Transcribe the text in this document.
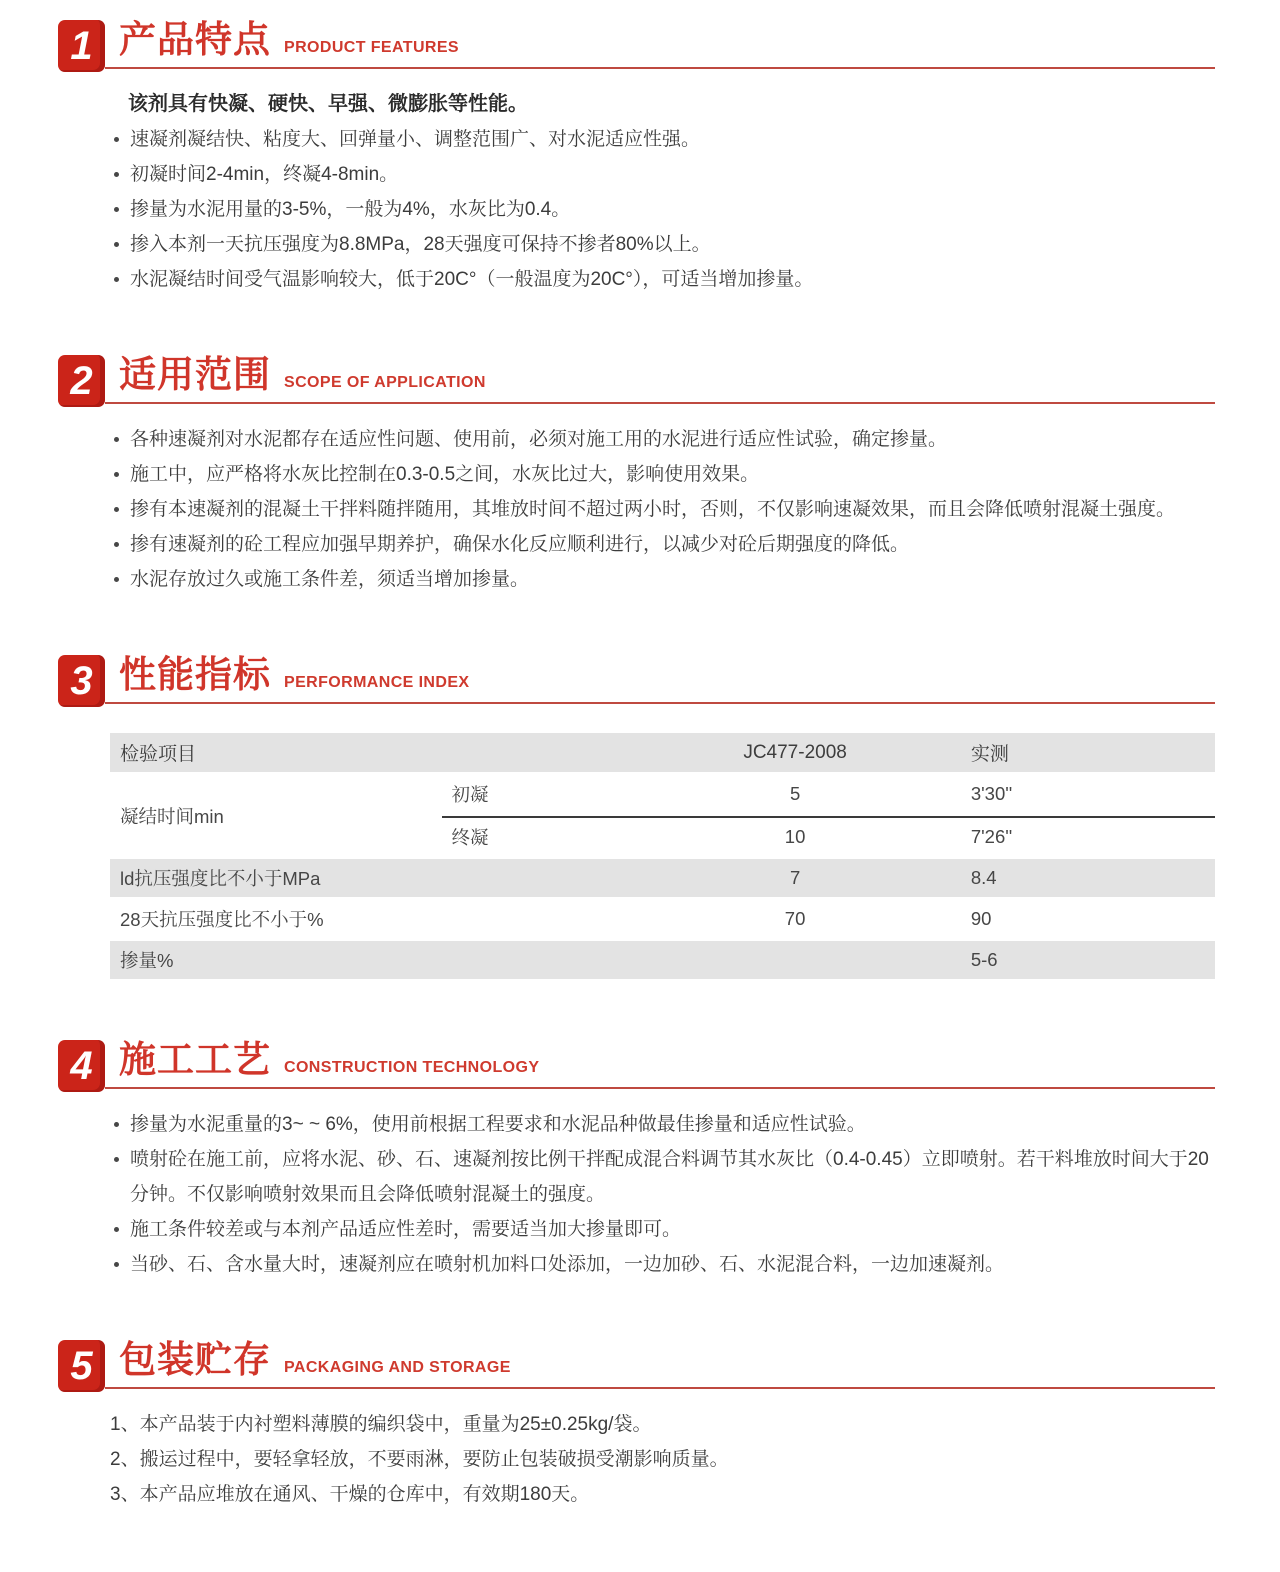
1 产品特点 PRODUCT FEATURES

该剂具有快凝、硬快、早强、微膨胀等性能。

速凝剂凝结快、粘度大、回弹量小、调整范围广、对水泥适应性强。
初凝时间2-4min，终凝4-8min。
掺量为水泥用量的3-5%，一般为4%，水灰比为0.4。
掺入本剂一天抗压强度为8.8MPa，28天强度可保持不掺者80%以上。
水泥凝结时间受气温影响较大，低于20C°（一般温度为20C°），可适当增加掺量。
2 适用范围 SCOPE OF APPLICATION
各种速凝剂对水泥都存在适应性问题、使用前，必须对施工用的水泥进行适应性试验，确定掺量。
施工中，应严格将水灰比控制在0.3-0.5之间，水灰比过大，影响使用效果。
掺有本速凝剂的混凝土干拌料随拌随用，其堆放时间不超过两小时，否则，不仅影响速凝效果，而且会降低喷射混凝土强度。
掺有速凝剂的砼工程应加强早期养护，确保水化反应顺利进行，以减少对砼后期强度的降低。
水泥存放过久或施工条件差，须适当增加掺量。
3 性能指标 PERFORMANCE INDEX
检验项目		JC477-2008	实测
凝结时间min	初凝	5	3'30''
	终凝	10	7'26''
ld抗压强度比不小于MPa		7	8.4
28天抗压强度比不小于%		70	90
掺量%			5-6
4 施工工艺 CONSTRUCTION TECHNOLOGY
掺量为水泥重量的3~ ~ 6%，使用前根据工程要求和水泥品种做最佳掺量和适应性试验。
喷射砼在施工前，应将水泥、砂、石、速凝剂按比例干拌配成混合料调节其水灰比（0.4-0.45）立即喷射。若干料堆放时间大于20分钟。不仅影响喷射效果而且会降低喷射混凝土的强度。
施工条件较差或与本剂产品适应性差时，需要适当加大掺量即可。
当砂、石、含水量大时，速凝剂应在喷射机加料口处添加，一边加砂、石、水泥混合料，一边加速凝剂。
5 包装贮存 PACKAGING AND STORAGE
1、本产品装于内衬塑料薄膜的编织袋中，重量为25±0.25kg/袋。
2、搬运过程中，要轻拿轻放，不要雨淋，要防止包装破损受潮影响质量。
3、本产品应堆放在通风、干燥的仓库中，有效期180天。
